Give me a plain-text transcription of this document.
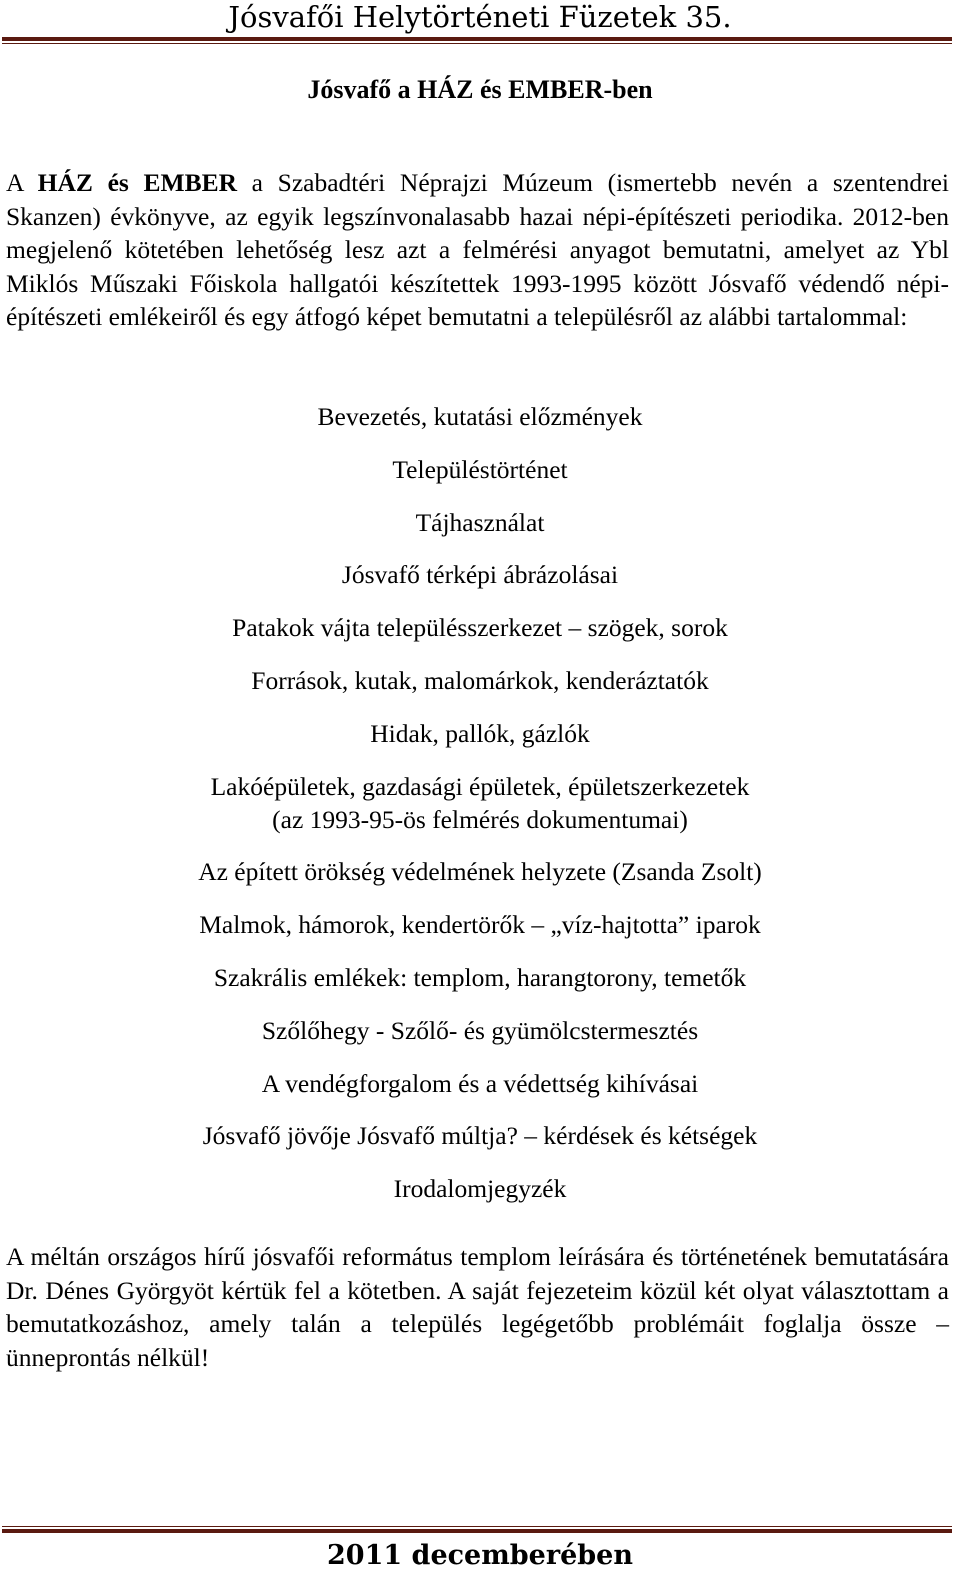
Jósvafői Helytörténeti Füzetek 35.
Jósvafő a HÁZ és EMBER-ben

A HÁZ és EMBER a Szabadtéri Néprajzi Múzeum (ismertebb nevén a szentendrei Skanzen) évkönyve, az egyik legszínvonalasabb hazai népi-építészeti periodika. 2012-ben megjelenő kötetében lehetőség lesz azt a felmérési anyagot bemutatni, amelyet az Ybl Miklós Műszaki Főiskola hallgatói készítettek 1993-1995 között Jósvafő védendő népi-építészeti emlékeiről és egy átfogó képet bemutatni a településről az alábbi tartalommal:

Bevezetés, kutatási előzmények
Településtörténet
Tájhasználat
Jósvafő térképi ábrázolásai
Patakok vájta településszerkezet – szögek, sorok
Források, kutak, malomárkok, kenderáztatók
Hidak, pallók, gázlók
Lakóépületek, gazdasági épületek, épületszerkezetek
(az 1993-95-ös felmérés dokumentumai)
Az épített örökség védelmének helyzete (Zsanda Zsolt)
Malmok, hámorok, kendertörők – „víz-hajtotta” iparok
Szakrális emlékek: templom, harangtorony, temetők
Szőlőhegy - Szőlő- és gyümölcstermesztés
A vendégforgalom és a védettség kihívásai
Jósvafő jövője Jósvafő múltja? – kérdések és kétségek
Irodalomjegyzék

A méltán országos hírű jósvafői református templom leírására és történetének bemutatására Dr. Dénes Györgyöt kértük fel a kötetben. A saját fejezeteim közül két olyat választottam a bemutatkozáshoz, amely talán a település legégetőbb problémáit foglalja össze – ünneprontás nélkül!

2011 decemberében
